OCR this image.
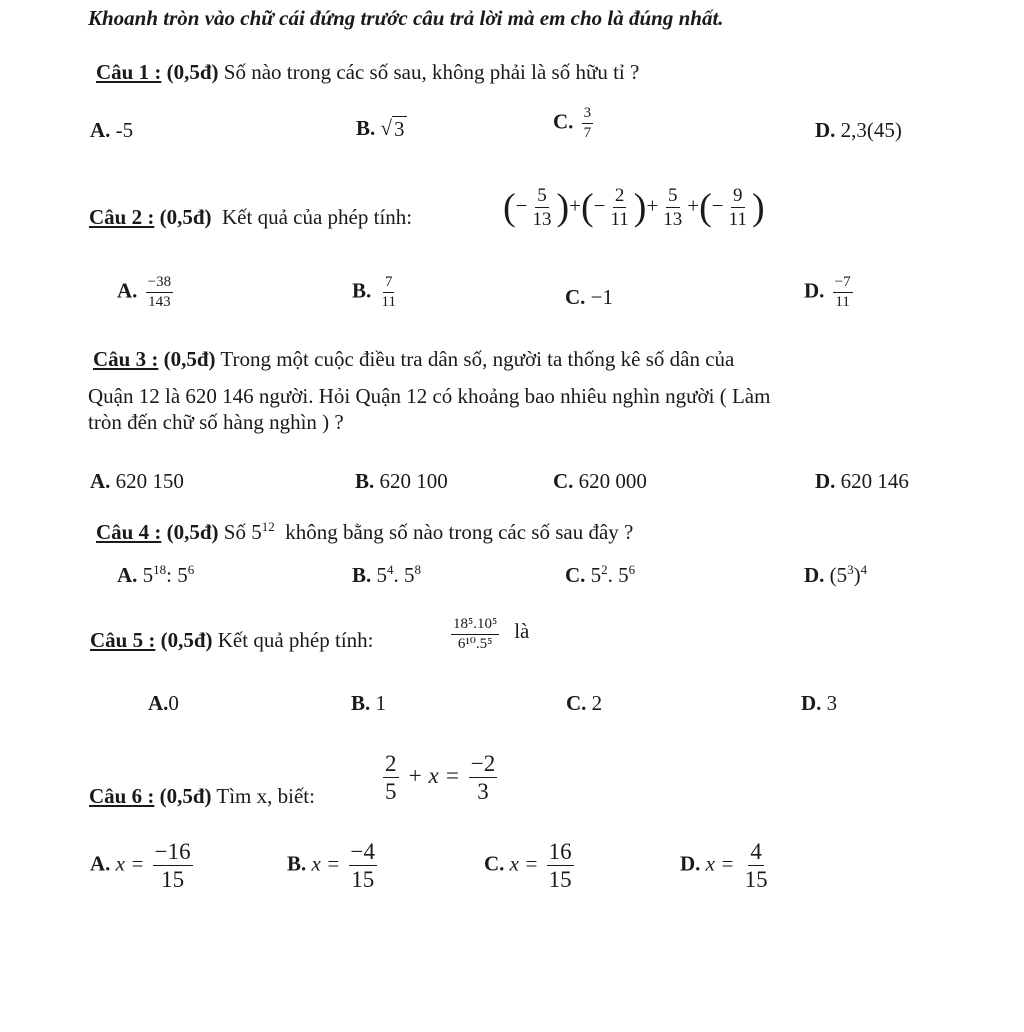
Khoanh tròn vào chữ cái đứng trước câu trả lời mà em cho là đúng nhất.
Câu 1 : (0,5đ) Số nào trong các số sau, không phải là số hữu tỉ ?
A. -5	B. √ 3	C. $\frac{3}{7}$	D. 2,3(45)
Câu 2 : (0,5đ) Kết quả của phép tính: (− $\frac{5}{13}$ )+(− $\frac{2}{11}$ )+ $\frac{5}{13}$ +(− $\frac{9}{11}$ )
A. $\frac{-38}{143}$	B. $\frac{7}{11}$	C. −1	D. $\frac{-7}{11}$
Câu 3 : (0,5đ) Trong một cuộc điều tra dân số, người ta thống kê số dân của
Quận 12 là 620 146 người. Hỏi Quận 12 có khoảng bao nhiêu nghìn người ( Làm
tròn đến chữ số hàng nghìn ) ?
A. 620 150	B. 620 100	C. 620 000	D. 620 146
Câu 4 : (0,5đ) Số $5^{12}$ không bằng số nào trong các số sau đây ?
A. $5^{18}$: $5^6$	B. $5^4$. $5^8$	C. $5^2$. $5^6$	D. $(5^3)^4$
Câu 5 : (0,5đ) Kết quả phép tính:	$\frac{\text{18⁵.10⁵}}{\text{6¹⁰.5⁵}}$ là
A.0	B. 1	C. 2	D. 3
Câu 6 : (0,5đ) Tìm x, biết:	$\frac{2}{5} + x = \frac{-2}{3}$
A. $x = \frac{-16}{15}$	B. $x = \frac{-4}{15}$	C. $x = \frac{16}{15}$	D. $x = \frac{4}{15}$
